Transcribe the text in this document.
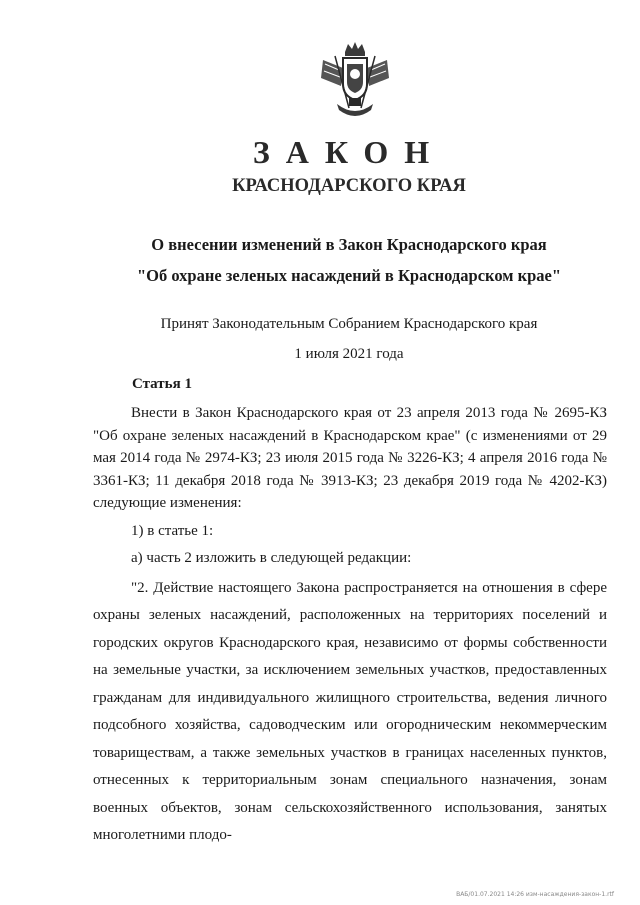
ЗАКОН
КРАСНОДАРСКОГО КРАЯ
О внесении изменений в Закон Краснодарского края
"Об охране зеленых насаждений в Краснодарском крае"
Принят Законодательным Собранием Краснодарского края
1 июля 2021 года
Статья 1

Внести в Закон Краснодарского края от 23 апреля 2013 года № 2695-КЗ "Об охране зеленых насаждений в Краснодарском крае" (с изменениями от 29 мая 2014 года № 2974-КЗ; 23 июля 2015 года № 3226-КЗ; 4 апреля 2016 года № 3361-КЗ; 11 декабря 2018 года № 3913-КЗ; 23 декабря 2019 года № 4202-КЗ) следующие изменения:

1) в статье 1:

а) часть 2 изложить в следующей редакции:

"2. Действие настоящего Закона распространяется на отношения в сфере охраны зеленых насаждений, расположенных на территориях поселений и городских округов Краснодарского края, независимо от формы собственности на земельные участки, за исключением земельных участков, предоставленных гражданам для индивидуального жилищного строительства, ведения личного подсобного хозяйства, садоводческим или огородническим некоммерческим товариществам, а также земельных участков в границах населенных пунктов, отнесенных к территориальным зонам специального назначения, зонам военных объектов, зонам сельскохозяйственного использования, занятых многолетними плодо-

ВАБ/01.07.2021 14:26 изм-насаждения-закон-1.rtf
